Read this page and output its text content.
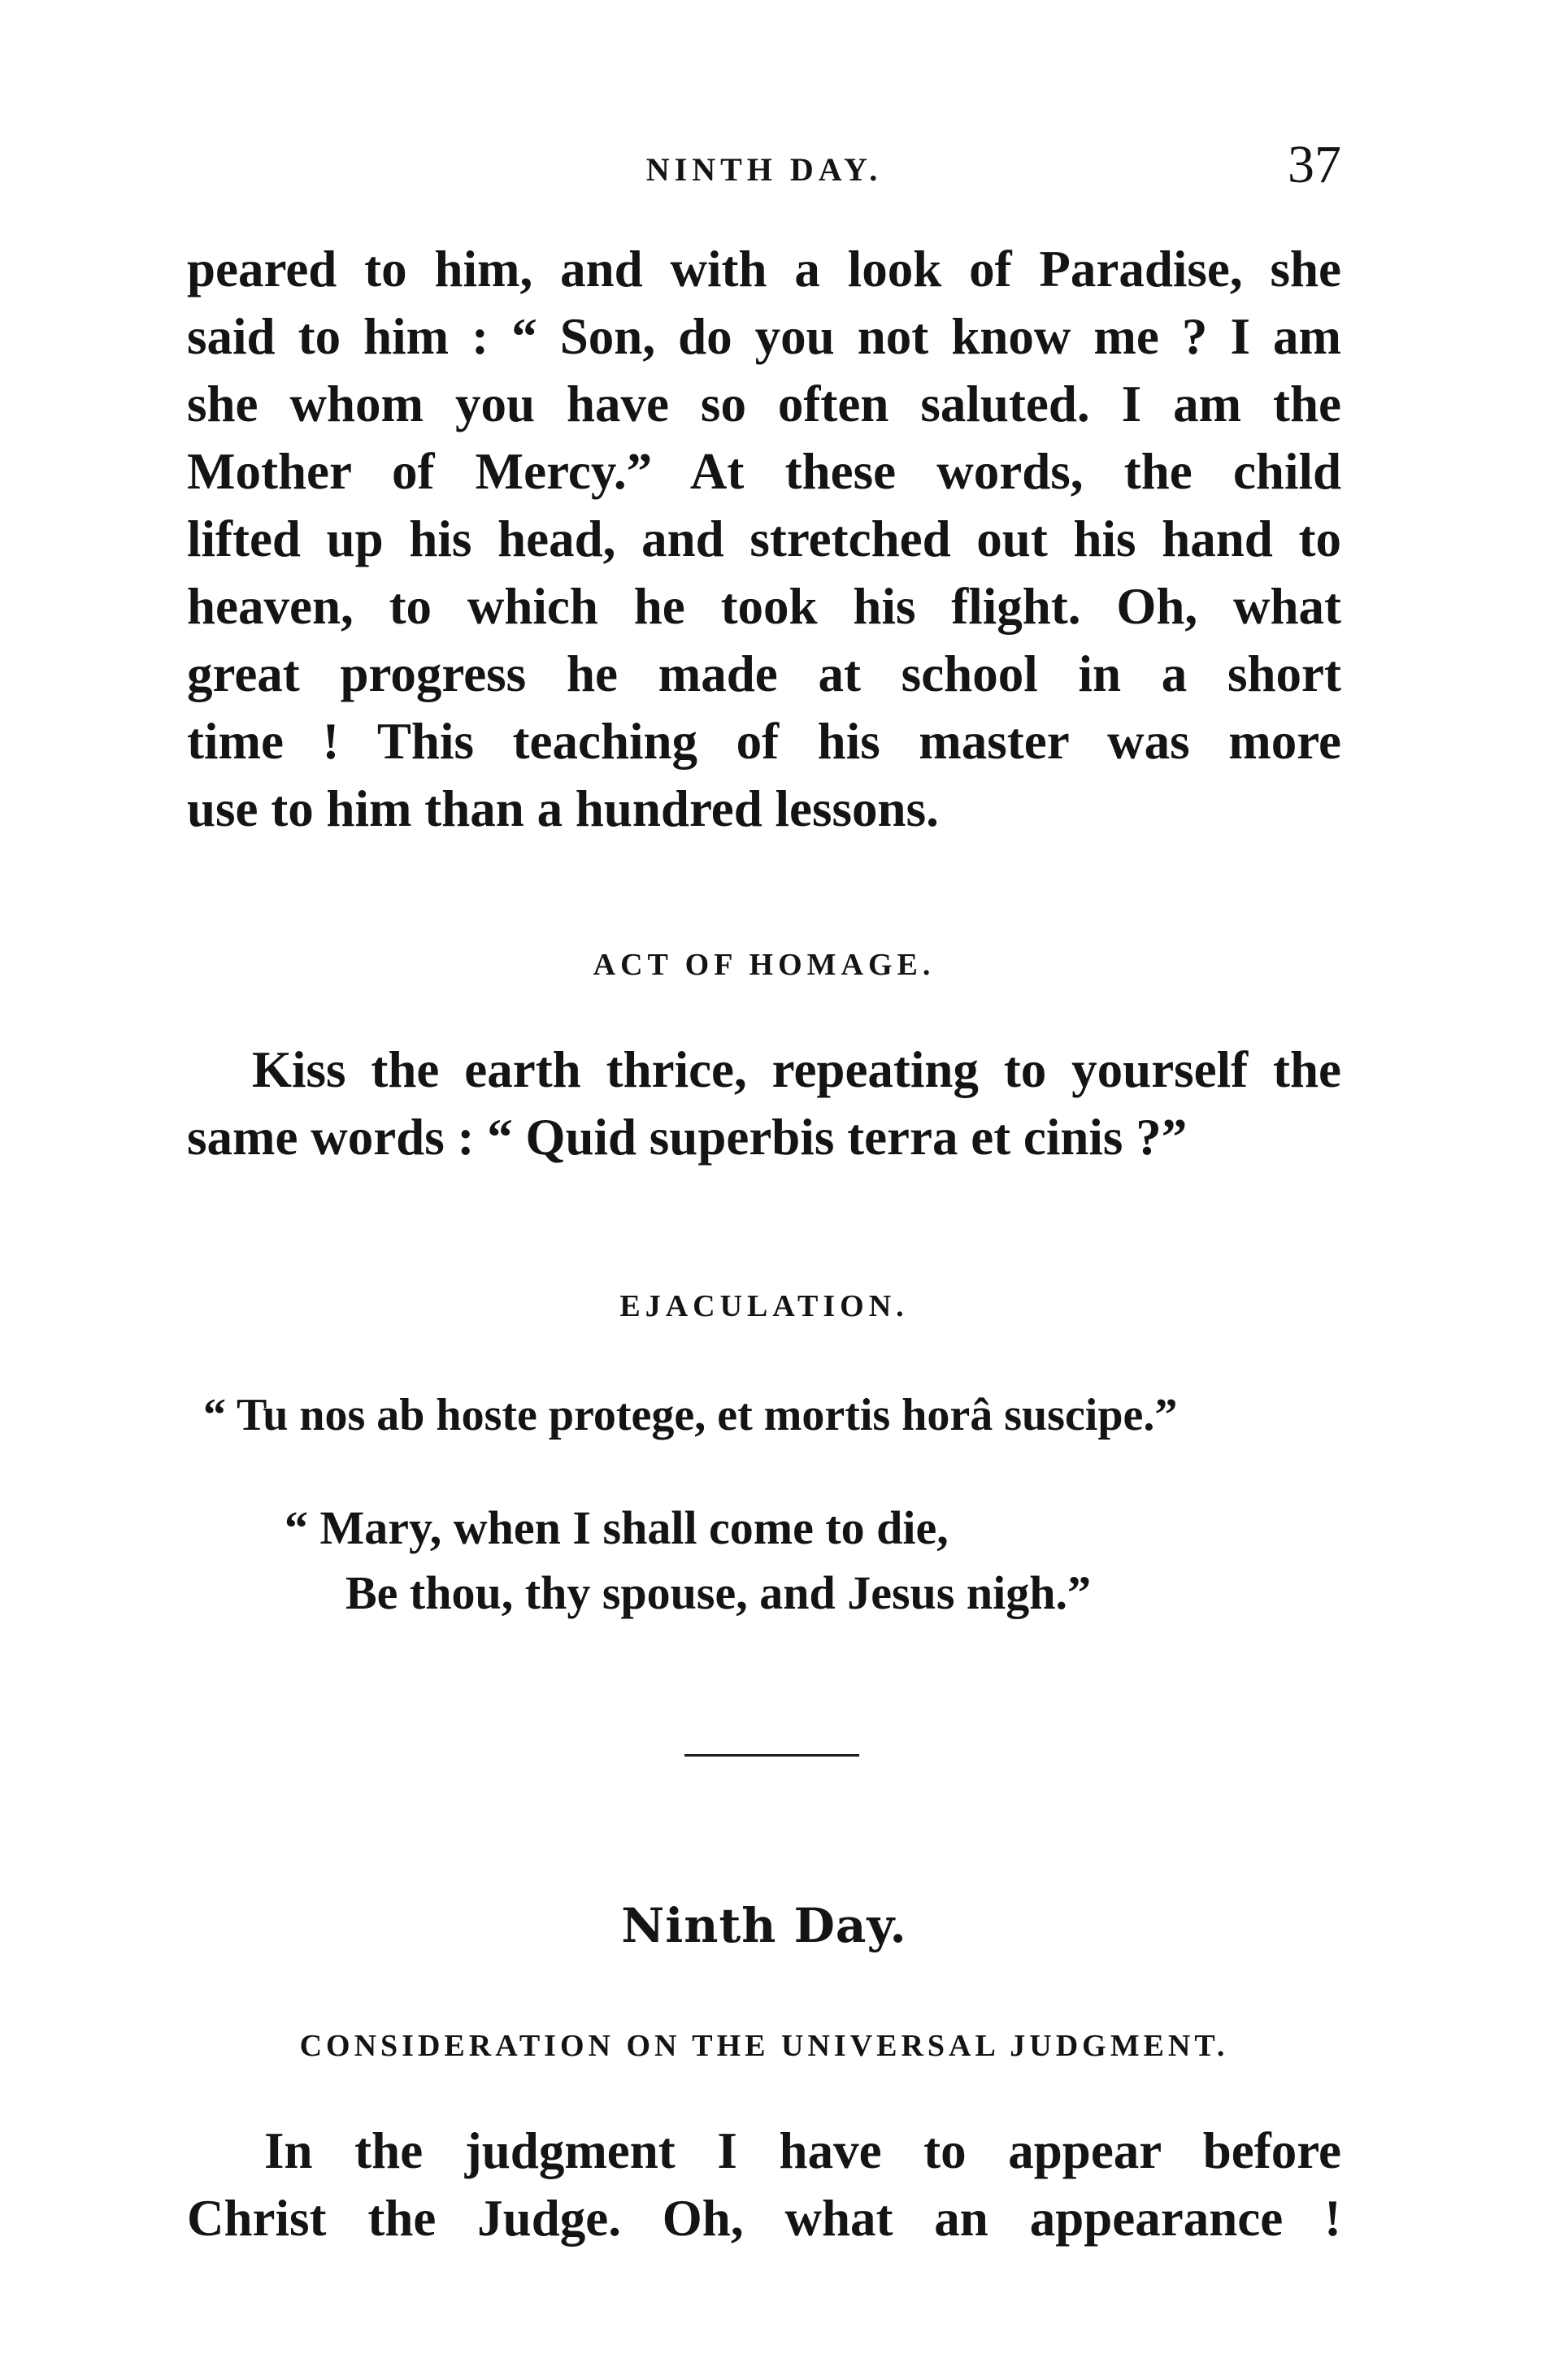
NINTH DAY.	37
peared to him, and with a look of Paradise, she
said to him : “ Son, do you not know me ? I am
she whom you have so often saluted. I am the
Mother of Mercy.” At these words, the child
lifted up his head, and stretched out his hand to
heaven, to which he took his flight. Oh, what
great progress he made at school in a short
time ! This teaching of his master was more
use to him than a hundred lessons.
ACT OF HOMAGE.
Kiss the earth thrice, repeating to yourself the
same words : “ Quid superbis terra et cinis ?”
EJACULATION.
“ Tu nos ab hoste protege, et mortis horâ suscipe.”
“ Mary, when I shall come to die,
Be thou, thy spouse, and Jesus nigh.”
Ninth Day.
CONSIDERATION ON THE UNIVERSAL JUDGMENT.
In the judgment I have to appear before
Christ the Judge. Oh, what an appearance !
